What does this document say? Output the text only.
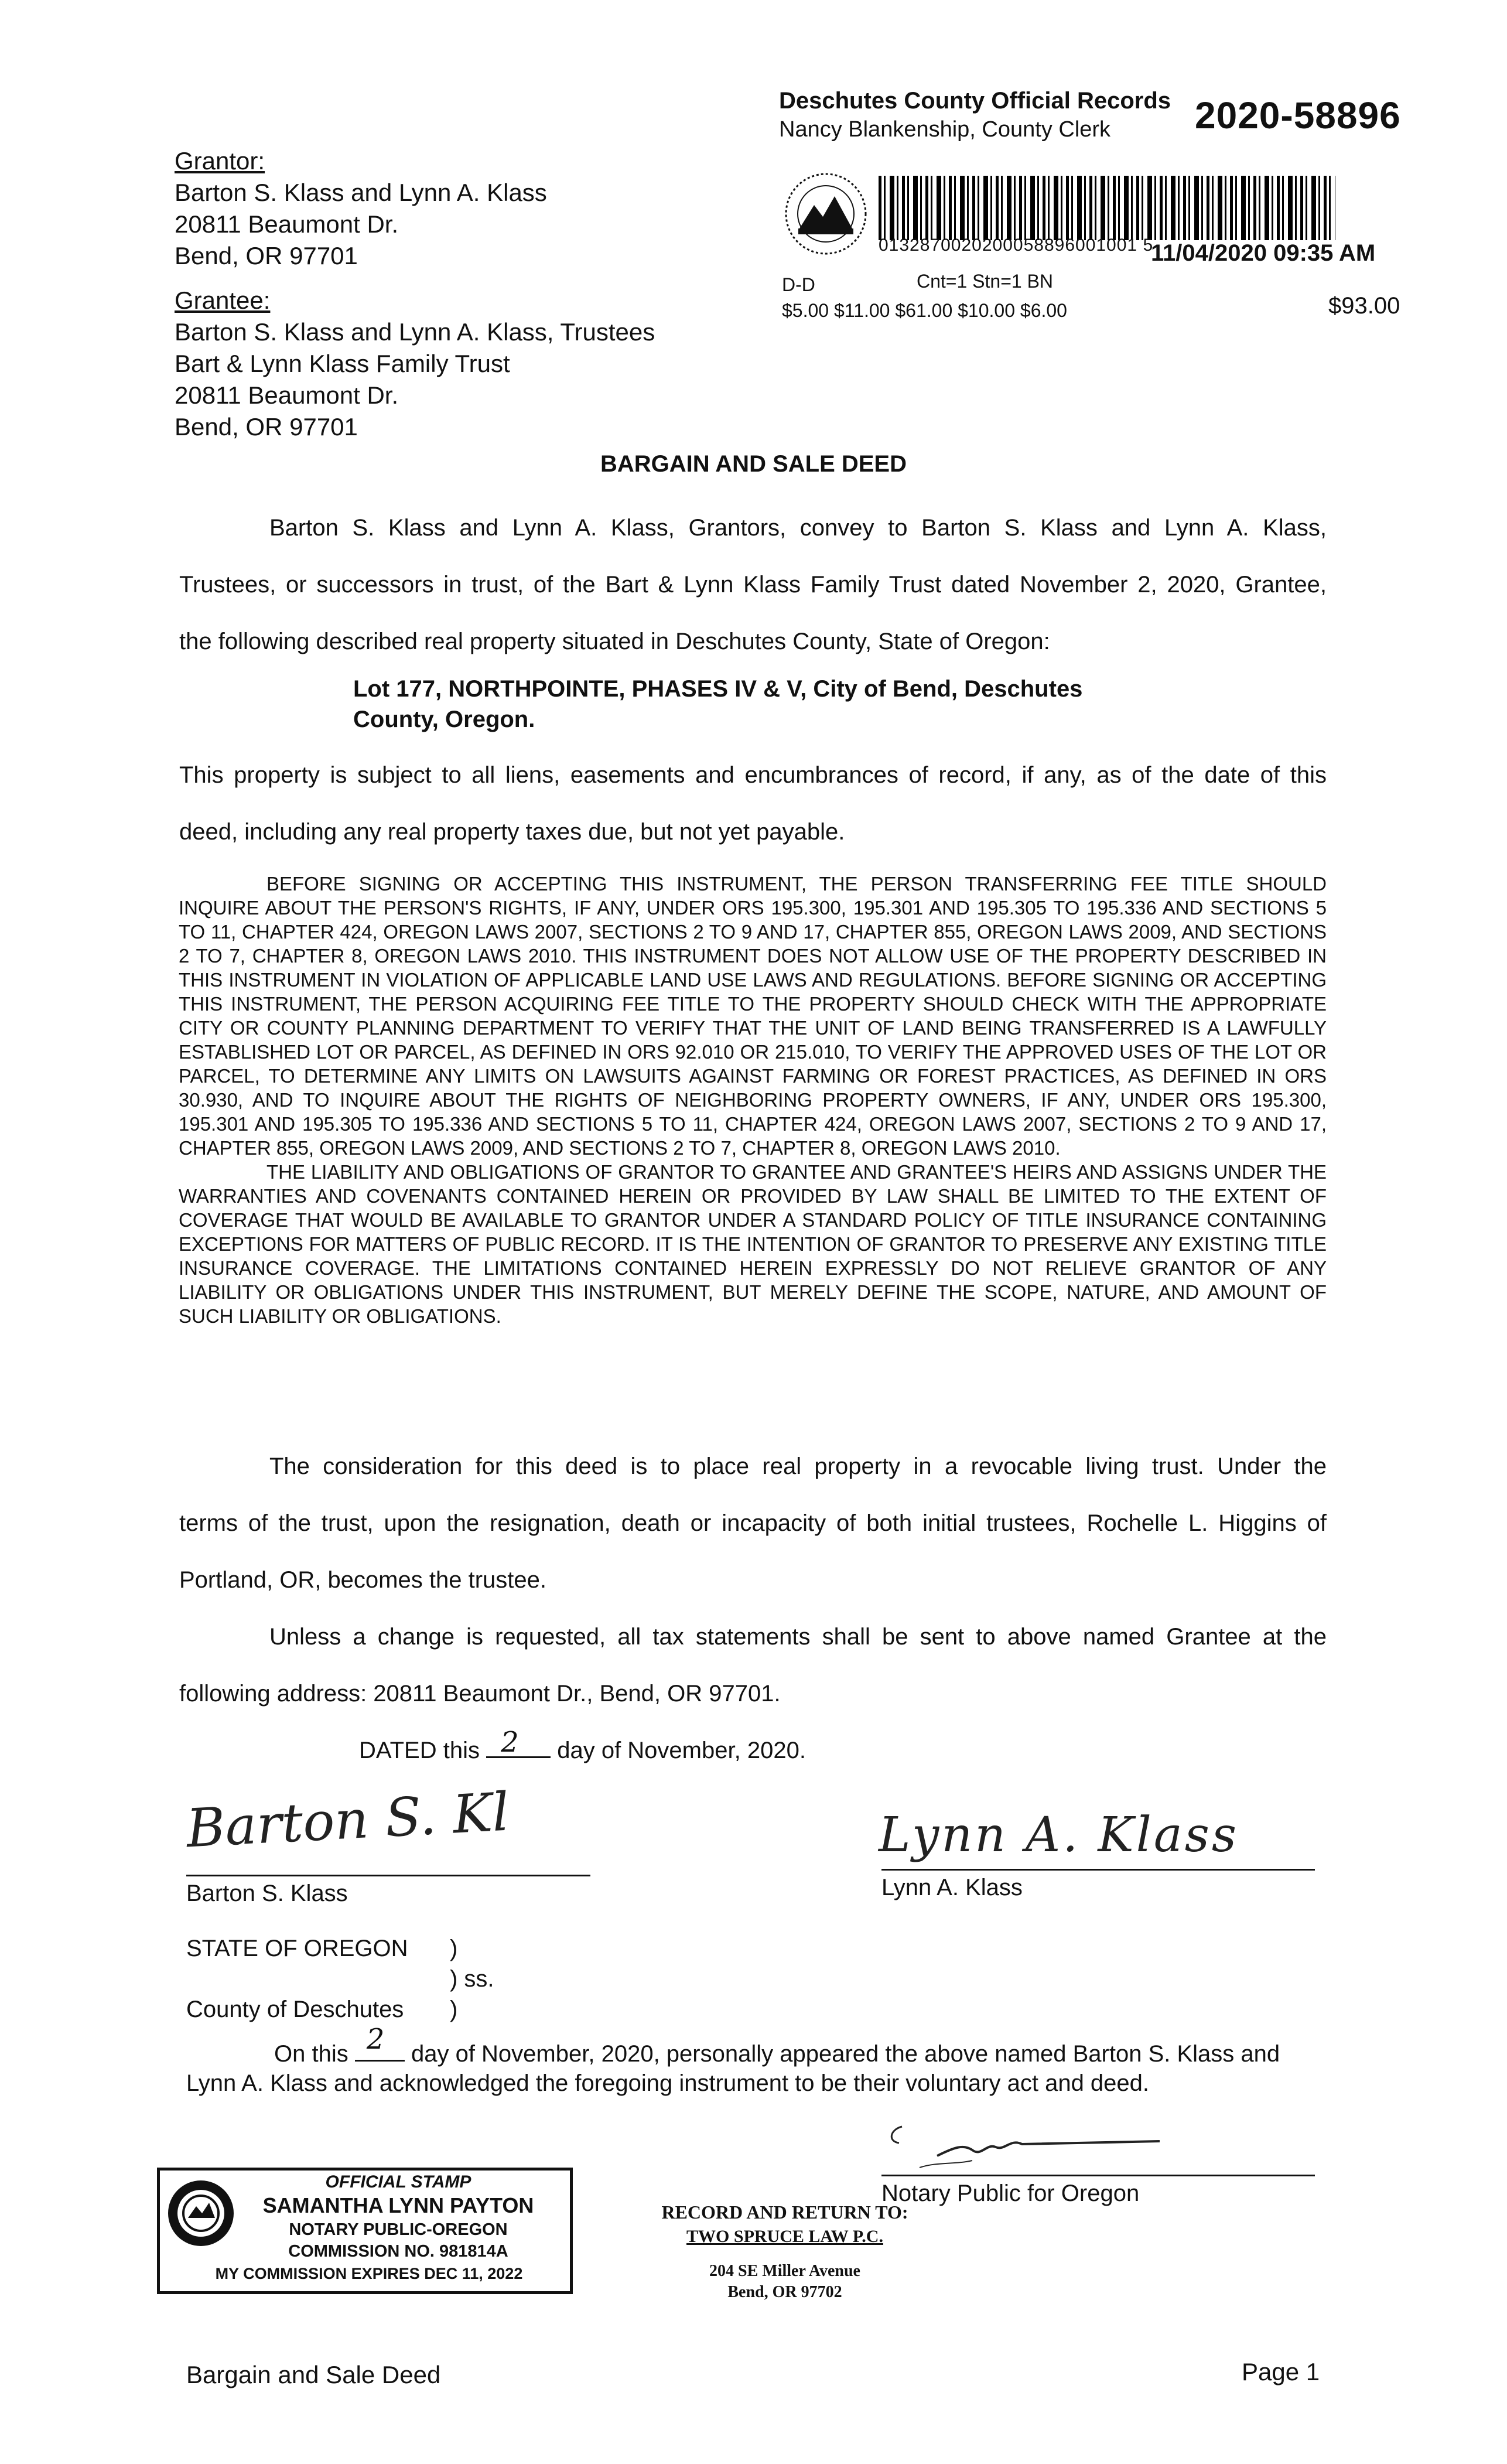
Grantor:
Barton S. Klass and Lynn A. Klass
20811 Beaumont Dr.
Bend, OR 97701
Grantee:
Barton S. Klass and Lynn A. Klass, Trustees
Bart & Lynn Klass Family Trust
20811 Beaumont Dr.
Bend, OR 97701
Deschutes County Official Records
Nancy Blankenship, County Clerk 2020-58896
0132870020200058896001001 5
11/04/2020 09:35 AM
D-D	Cnt=1 Stn=1 BN
$5.00 $11.00 $61.00 $10.00 $6.00	$93.00
BARGAIN AND SALE DEED
Barton S. Klass and Lynn A. Klass, Grantors, convey to Barton S. Klass and Lynn A. Klass,
Trustees, or successors in trust, of the Bart & Lynn Klass Family Trust dated November 2, 2020, Grantee,
the following described real property situated in Deschutes County, State of Oregon:
Lot 177, NORTHPOINTE, PHASES IV & V, City of Bend, Deschutes
County, Oregon.
This property is subject to all liens, easements and encumbrances of record, if any, as of the date of this
deed, including any real property taxes due, but not yet payable.

BEFORE SIGNING OR ACCEPTING THIS INSTRUMENT, THE PERSON TRANSFERRING FEE TITLE SHOULD INQUIRE ABOUT THE PERSON'S RIGHTS, IF ANY, UNDER ORS 195.300, 195.301 AND 195.305 TO 195.336 AND SECTIONS 5 TO 11, CHAPTER 424, OREGON LAWS 2007, SECTIONS 2 TO 9 AND 17, CHAPTER 855, OREGON LAWS 2009, AND SECTIONS 2 TO 7, CHAPTER 8, OREGON LAWS 2010. THIS INSTRUMENT DOES NOT ALLOW USE OF THE PROPERTY DESCRIBED IN THIS INSTRUMENT IN VIOLATION OF APPLICABLE LAND USE LAWS AND REGULATIONS. BEFORE SIGNING OR ACCEPTING THIS INSTRUMENT, THE PERSON ACQUIRING FEE TITLE TO THE PROPERTY SHOULD CHECK WITH THE APPROPRIATE CITY OR COUNTY PLANNING DEPARTMENT TO VERIFY THAT THE UNIT OF LAND BEING TRANSFERRED IS A LAWFULLY ESTABLISHED LOT OR PARCEL, AS DEFINED IN ORS 92.010 OR 215.010, TO VERIFY THE APPROVED USES OF THE LOT OR PARCEL, TO DETERMINE ANY LIMITS ON LAWSUITS AGAINST FARMING OR FOREST PRACTICES, AS DEFINED IN ORS 30.930, AND TO INQUIRE ABOUT THE RIGHTS OF NEIGHBORING PROPERTY OWNERS, IF ANY, UNDER ORS 195.300, 195.301 AND 195.305 TO 195.336 AND SECTIONS 5 TO 11, CHAPTER 424, OREGON LAWS 2007, SECTIONS 2 TO 9 AND 17, CHAPTER 855, OREGON LAWS 2009, AND SECTIONS 2 TO 7, CHAPTER 8, OREGON LAWS 2010.

THE LIABILITY AND OBLIGATIONS OF GRANTOR TO GRANTEE AND GRANTEE'S HEIRS AND ASSIGNS UNDER THE WARRANTIES AND COVENANTS CONTAINED HEREIN OR PROVIDED BY LAW SHALL BE LIMITED TO THE EXTENT OF COVERAGE THAT WOULD BE AVAILABLE TO GRANTOR UNDER A STANDARD POLICY OF TITLE INSURANCE CONTAINING EXCEPTIONS FOR MATTERS OF PUBLIC RECORD. IT IS THE INTENTION OF GRANTOR TO PRESERVE ANY EXISTING TITLE INSURANCE COVERAGE. THE LIMITATIONS CONTAINED HEREIN EXPRESSLY DO NOT RELIEVE GRANTOR OF ANY LIABILITY OR OBLIGATIONS UNDER THIS INSTRUMENT, BUT MERELY DEFINE THE SCOPE, NATURE, AND AMOUNT OF SUCH LIABILITY OR OBLIGATIONS.

The consideration for this deed is to place real property in a revocable living trust. Under the
terms of the trust, upon the resignation, death or incapacity of both initial trustees, Rochelle L. Higgins of
Portland, OR, becomes the trustee.
Unless a change is requested, all tax statements shall be sent to above named Grantee at the
following address: 20811 Beaumont Dr., Bend, OR 97701.
DATED this 2 day of November, 2020.
Barton S. Kl
Barton S. Klass
Lynn A. Klass
Lynn A. Klass
STATE OF OREGON	)
	) ss.
County of Deschutes	)
On this 2 day of November, 2020, personally appeared the above named Barton S. Klass and
Lynn A. Klass and acknowledged the foregoing instrument to be their voluntary act and deed.
Notary Public for Oregon
OFFICIAL STAMP
SAMANTHA LYNN PAYTON
NOTARY PUBLIC-OREGON
COMMISSION NO. 981814A
MY COMMISSION EXPIRES DEC 11, 2022
RECORD AND RETURN TO:
TWO SPRUCE LAW P.C.
204 SE Miller Avenue
Bend, OR 97702
Bargain and Sale Deed	Page 1
